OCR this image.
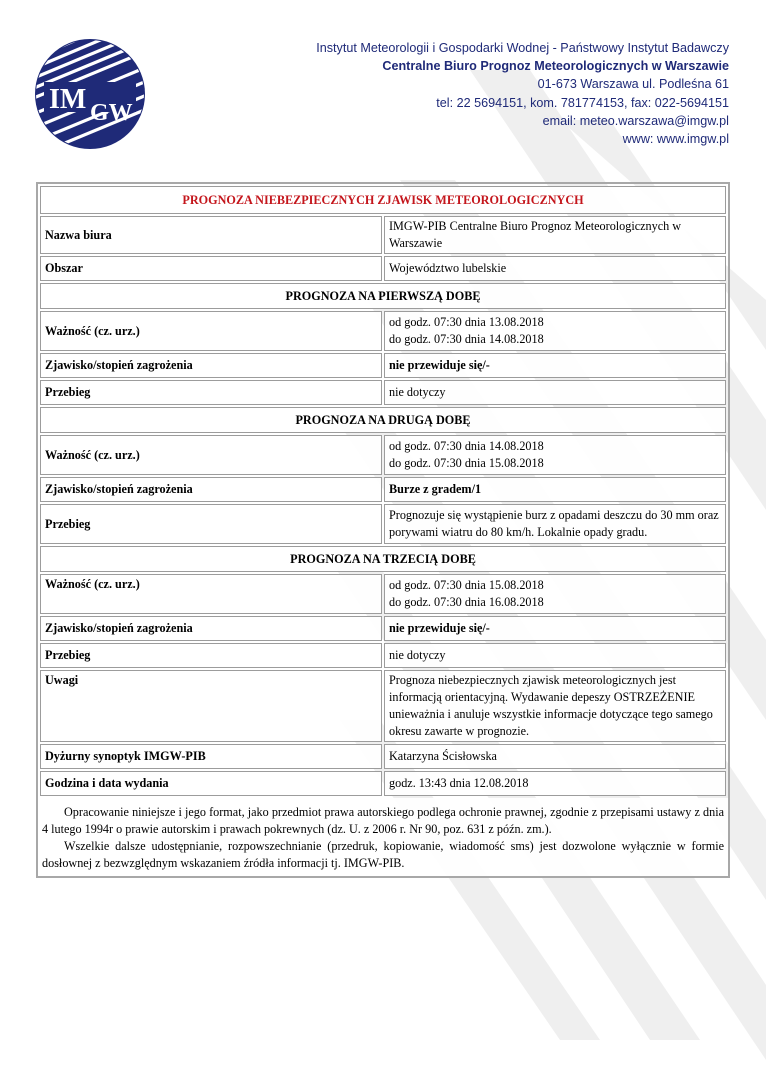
IM GW
Instytut Meteorologii i Gospodarki Wodnej - Państwowy Instytut Badawczy
Centralne Biuro Prognoz Meteorologicznych w Warszawie
01-673 Warszawa ul. Podleśna 61
tel: 22 5694151, kom. 781774153, fax: 022-5694151
email: meteo.warszawa@imgw.pl
www: www.imgw.pl
PROGNOZA NIEBEZPIECZNYCH ZJAWISK METEOROLOGICZNYCH	
Nazwa biura	IMGW-PIB Centralne Biuro Prognoz Meteorologicznych w Warszawie
Obszar	Województwo lubelskie
PROGNOZA NA PIERWSZĄ DOBĘ	
Ważność (cz. urz.)	od godz. 07:30 dnia 13.08.2018
do godz. 07:30 dnia 14.08.2018

Zjawisko/stopień zagrożenia	nie przewiduje się/-
Przebieg	nie dotyczy
PROGNOZA NA DRUGĄ DOBĘ	
Ważność (cz. urz.)	od godz. 07:30 dnia 14.08.2018
do godz. 07:30 dnia 15.08.2018

Zjawisko/stopień zagrożenia	Burze z gradem/1
Przebieg	Prognozuje się wystąpienie burz z opadami deszczu do 30 mm oraz porywami wiatru do 80 km/h. Lokalnie opady gradu.
PROGNOZA NA TRZECIĄ DOBĘ	
Ważność (cz. urz.)	od godz. 07:30 dnia 15.08.2018
do godz. 07:30 dnia 16.08.2018

Zjawisko/stopień zagrożenia	nie przewiduje się/-
Przebieg	nie dotyczy
Uwagi	Prognoza niebezpiecznych zjawisk meteorologicznych jest informacją orientacyjną. Wydawanie depeszy OSTRZEŻENIE unieważnia i anuluje wszystkie informacje dotyczące tego samego okresu zawarte w prognozie.
Dyżurny synoptyk IMGW-PIB	Katarzyna Ścisłowska
Godzina i data wydania	godz. 13:43 dnia 12.08.2018

Opracowanie niniejsze i jego format, jako przedmiot prawa autorskiego podlega ochronie prawnej, zgodnie z przepisami ustawy z dnia 4 lutego 1994r o prawie autorskim i prawach pokrewnych (dz. U. z 2006 r. Nr 90, poz. 631 z późn. zm.).

Wszelkie dalsze udostępnianie, rozpowszechnianie (przedruk, kopiowanie, wiadomość sms) jest dozwolone wyłącznie w formie dosłownej z bezwzględnym wskazaniem źródła informacji tj. IMGW-PIB.
